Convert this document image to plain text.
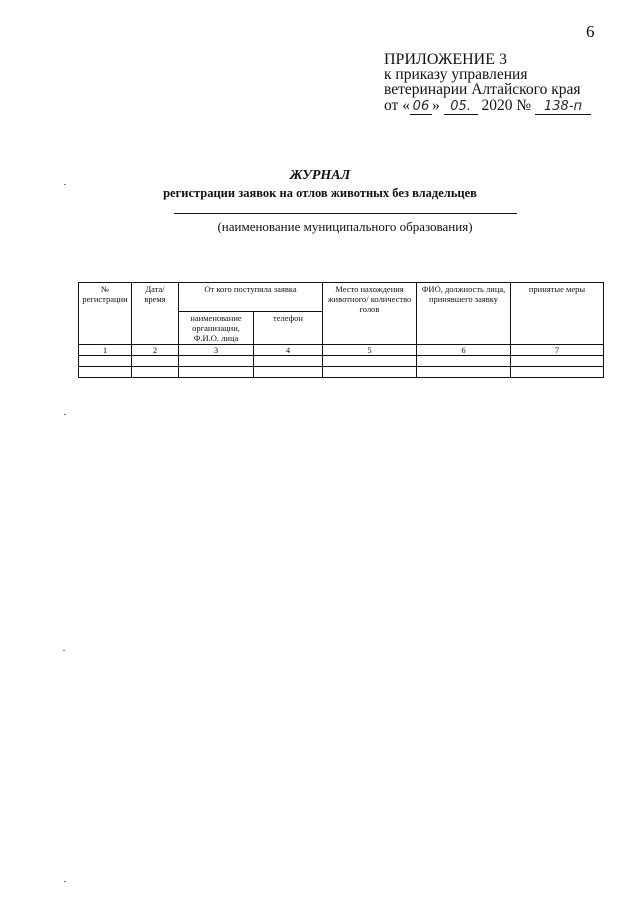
6
ПРИЛОЖЕНИЕ 3
к приказу управления
ветеринарии Алтайского края
от « 06 » 05. 2020 № 138-п
ЖУРНАЛ
регистрации заявок на отлов животных без владельцев
(наименование муниципального образования)
№ регистрации	Дата/ время	От кого поступила заявка		Место нахождения животного/ количество голов	ФИО, должность лица, принявшего заявку	принятые меры
		наименование организации, Ф.И.О. лица	телефон			
1	2	3	4	5	6	7
